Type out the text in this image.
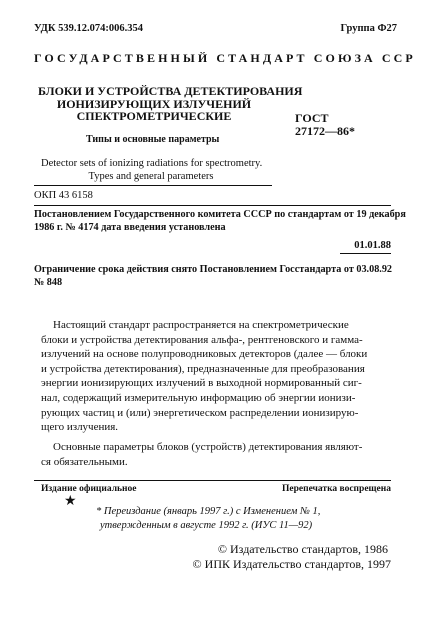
УДК 539.12.074:006.354	Группа Ф27
ГОСУДАРСТВЕННЫЙ СТАНДАРТ СОЮЗА ССР
БЛОКИ И УСТРОЙСТВА ДЕТЕКТИРОВАНИЯ
ИОНИЗИРУЮЩИХ ИЗЛУЧЕНИЙ
СПЕКТРОМЕТРИЧЕСКИЕ	ГОСТ
27172—86*
Типы и основные параметры
Detector sets of ionizing radiations for spectrometry.
Types and general parameters
ОКП 43 6158
Постановлением Государственного комитета СССР по стандартам от 19 декабря
1986 г. № 4174 дата введения установлена
01.01.88
Ограничение срока действия снято Постановлением Госстандарта от 03.08.92
№ 848
Настоящий стандарт распространяется на спектрометрические
блоки и устройства детектирования альфа-, рентгеновского и гамма-
излучений на основе полупроводниковых детекторов (далее — блоки
и устройства детектирования), предназначенные для преобразования
энергии ионизирующих излучений в выходной нормированный сиг-
нал, содержащий измерительную информацию об энергии ионизи-
рующих частиц и (или) энергетическом распределении ионизирую-
щего излучения.
Основные параметры блоков (устройств) детектирования являют-
ся обязательными.
Издание официальное
★
Перепечатка воспрещена
* Переиздание (январь 1997 г.) с Изменением № 1,
утвержденным в августе 1992 г. (ИУС 11—92)
© Издательство стандартов, 1986
© ИПК Издательство стандартов, 1997
